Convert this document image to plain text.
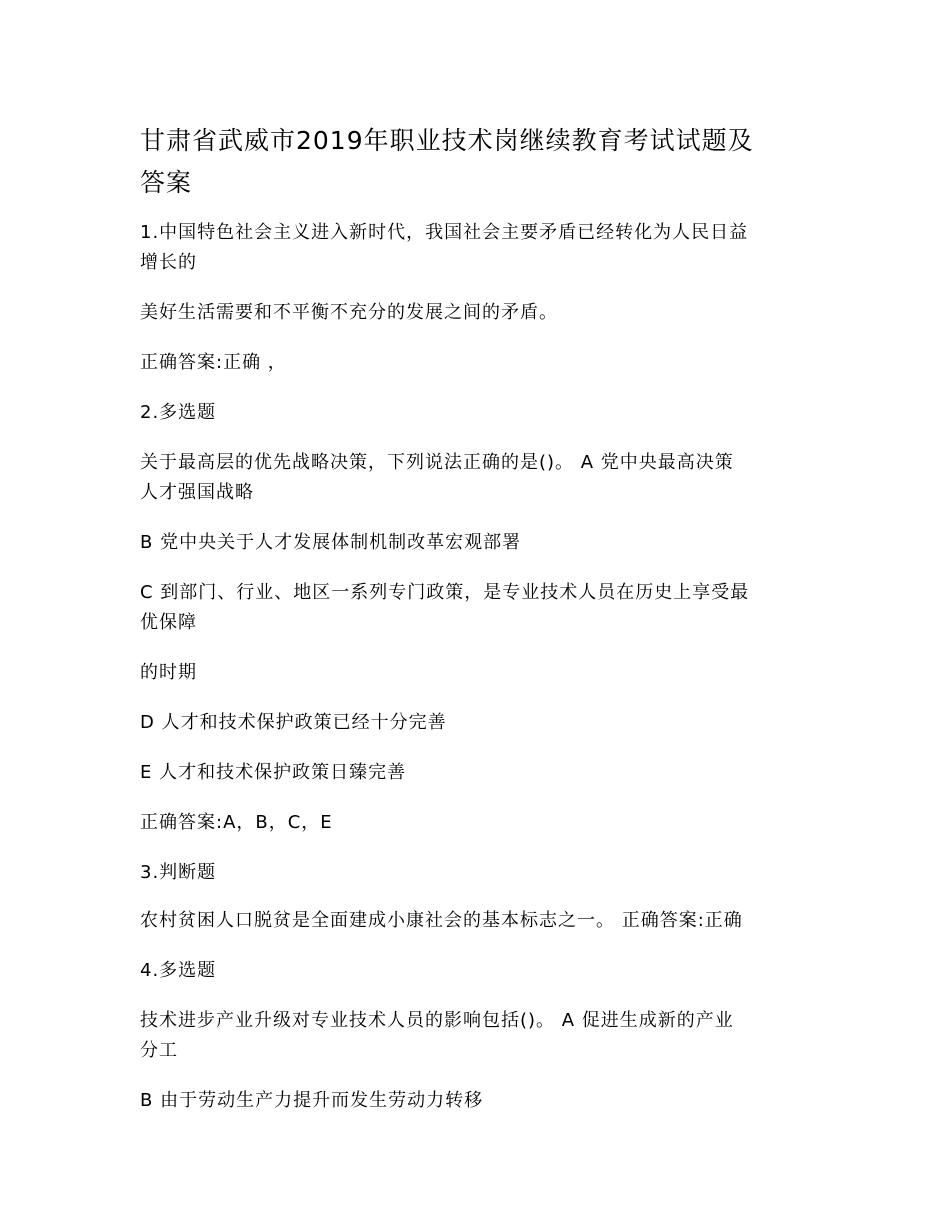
甘肃省武威市2019年职业技术岗继续教育考试试题及
答案

1.中国特色社会主义进入新时代，我国社会主要矛盾已经转化为人民日益
增长的

美好生活需要和不平衡不充分的发展之间的矛盾。

正确答案:正确 ，

2.多选题

关于最高层的优先战略决策，下列说法正确的是()。 A 党中央最高决策
人才强国战略

B 党中央关于人才发展体制机制改革宏观部署

C 到部门、行业、地区一系列专门政策，是专业技术人员在历史上享受最
优保障

的时期

D 人才和技术保护政策已经十分完善

E 人才和技术保护政策日臻完善

正确答案:A，B，C，E

3.判断题

农村贫困人口脱贫是全面建成小康社会的基本标志之一。 正确答案:正确

4.多选题

技术进步产业升级对专业技术人员的影响包括()。 A 促进生成新的产业
分工

B 由于劳动生产力提升而发生劳动力转移
